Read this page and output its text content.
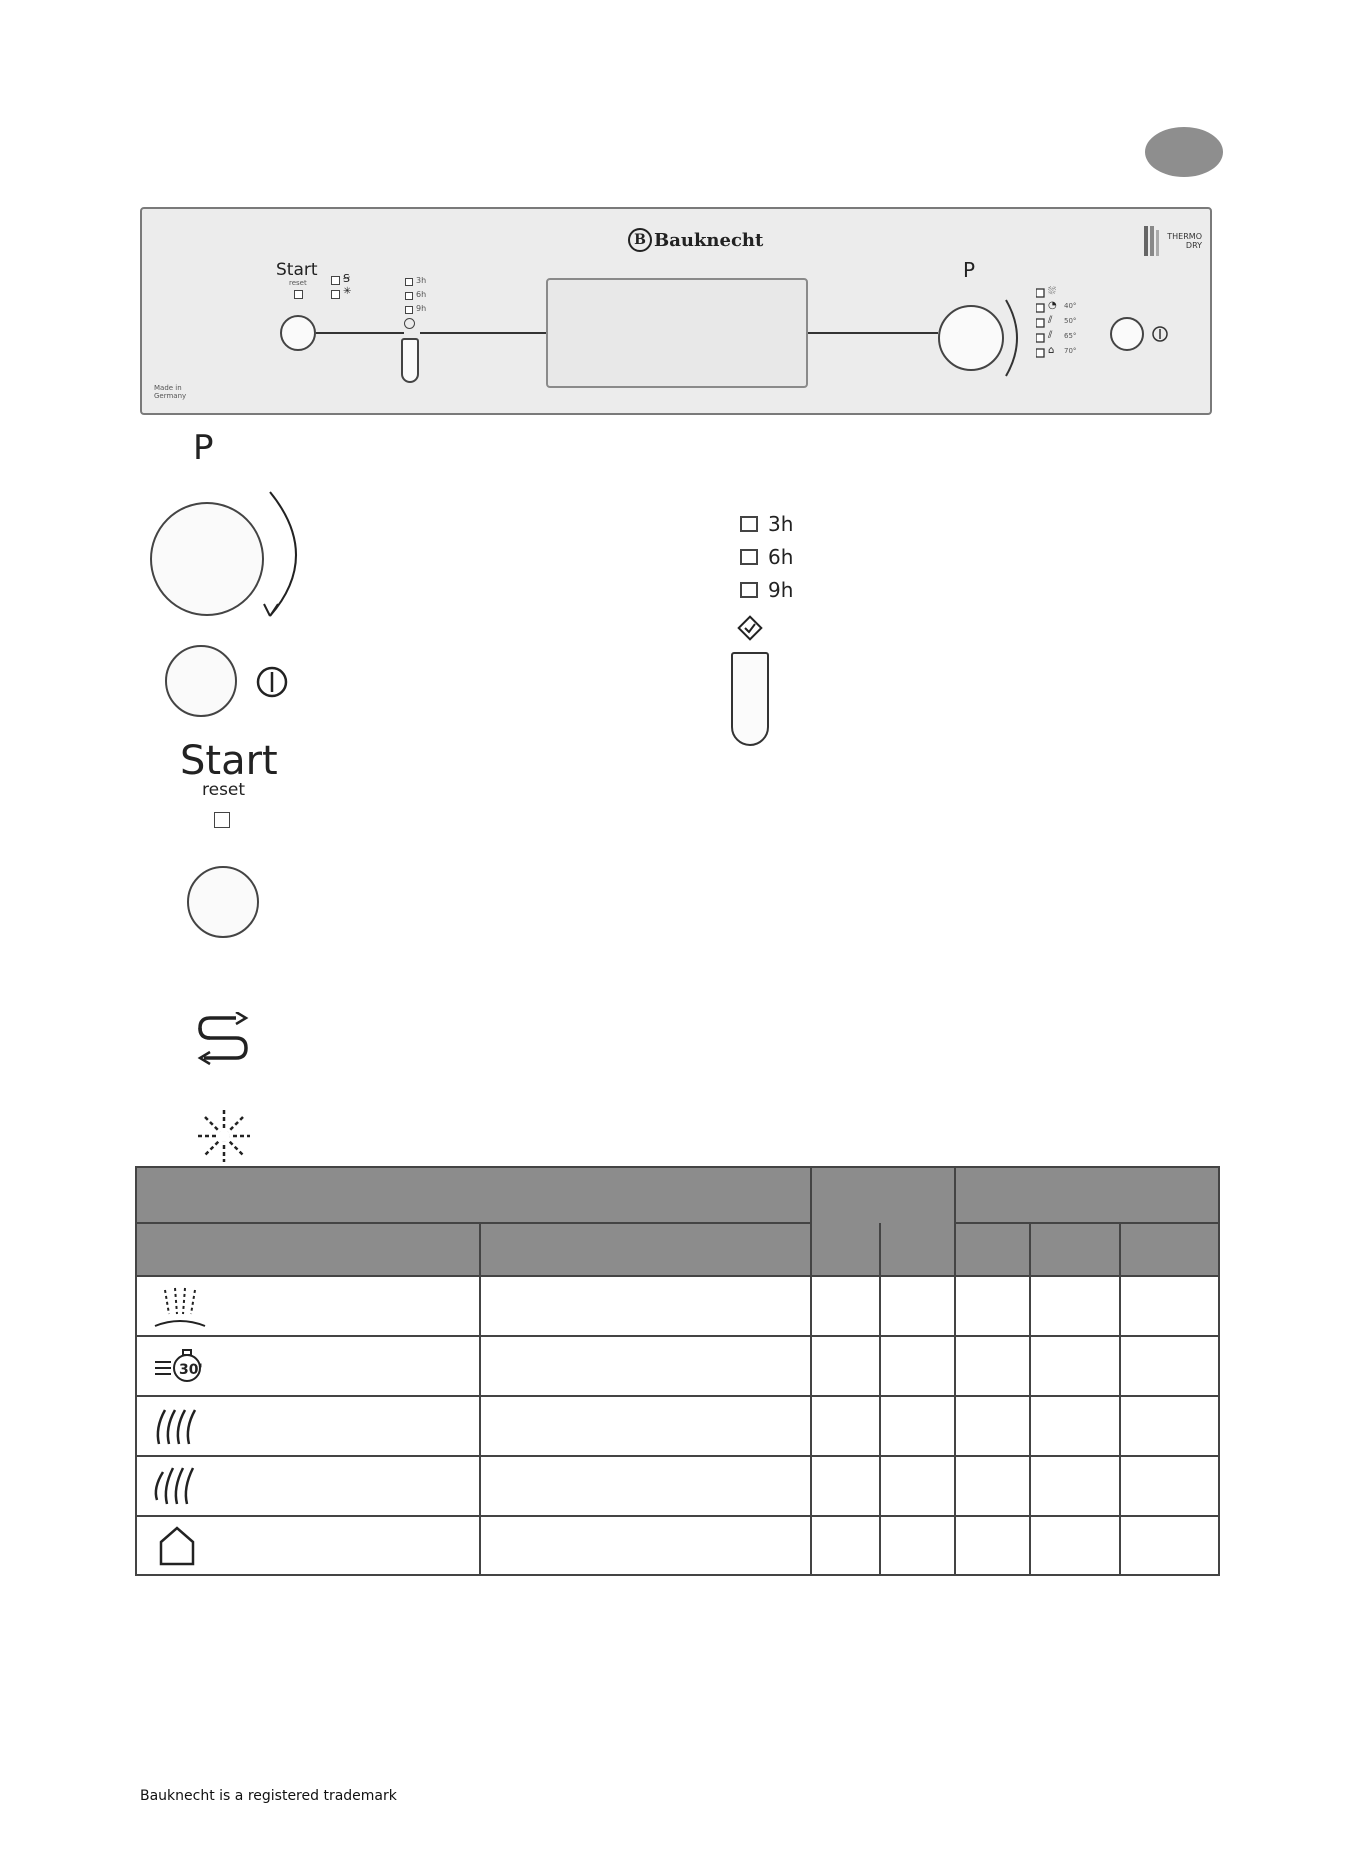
B Bauknecht	THERMO
DRY
Start
reset	Ꞩ
✳
3h
6h
9h
P
⛆
◔ 40°
⫽ 50°
⫽ 65°
⌂ 70°
Made in
Germany
P
Start
reset
3h
6h
9h
30'
Bauknecht is a registered trademark
